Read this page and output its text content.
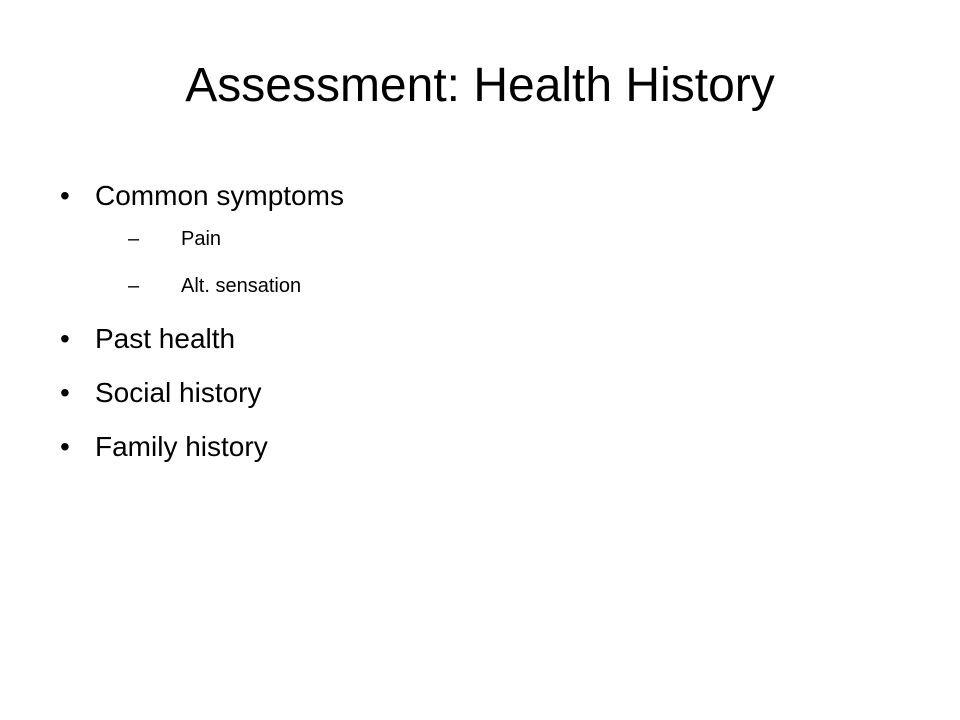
Assessment: Health History
• Common symptoms
–	Pain
–	Alt. sensation
• Past health
• Social history
• Family history
